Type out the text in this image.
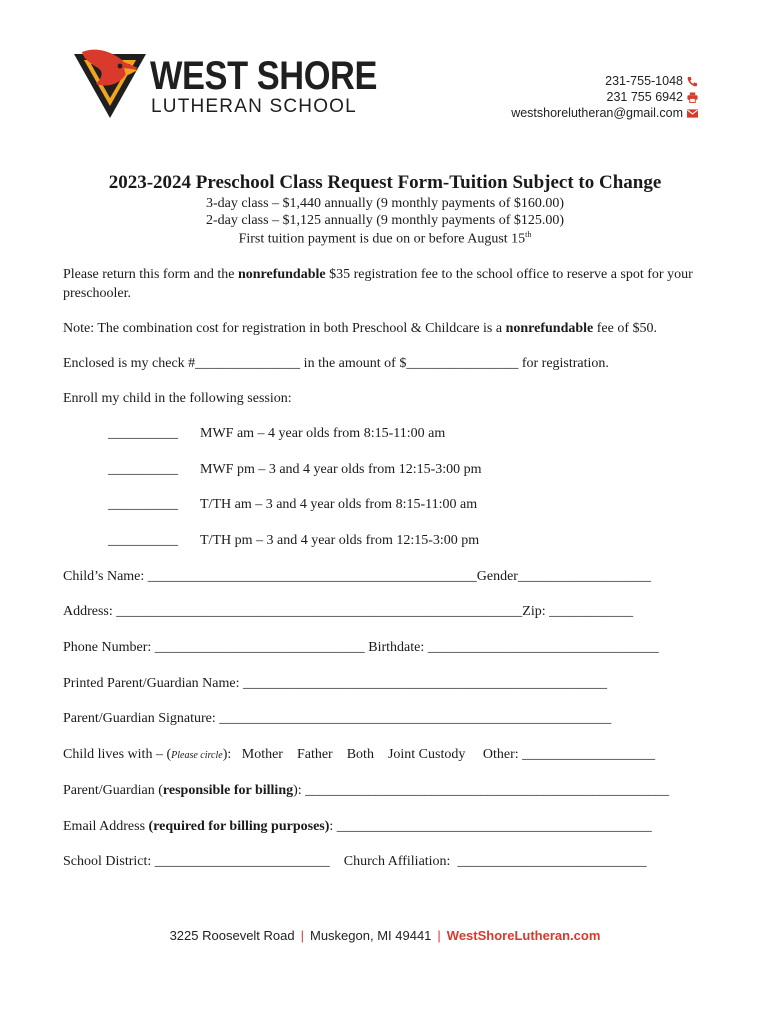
WEST SHORE
LUTHERAN SCHOOL
231-755-1048
231 755 6942
westshorelutheran@gmail.com
2023-2024 Preschool Class Request Form-Tuition Subject to Change
3-day class – $1,440 annually (9 monthly payments of $160.00)
2-day class – $1,125 annually (9 monthly payments of $125.00)
First tuition payment is due on or before August 15th
Please return this form and the nonrefundable $35 registration fee to the school office to reserve a spot for your preschooler.
Note: The combination cost for registration in both Preschool & Childcare is a nonrefundable fee of $50.
Enclosed is my check #_______________ in the amount of $________________ for registration.
Enroll my child in the following session:
__________ MWF am – 4 year olds from 8:15-11:00 am
__________ MWF pm – 3 and 4 year olds from 12:15-3:00 pm
__________ T/TH am – 3 and 4 year olds from 8:15-11:00 am
__________ T/TH pm – 3 and 4 year olds from 12:15-3:00 pm
Child’s Name: _______________________________________________Gender___________________
Address: __________________________________________________________Zip: ____________
Phone Number: ______________________________ Birthdate: _________________________________
Printed Parent/Guardian Name: ____________________________________________________
Parent/Guardian Signature: ________________________________________________________
Child lives with – (Please circle):   Mother    Father    Both    Joint Custody     Other: ___________________
Parent/Guardian (responsible for billing): ____________________________________________________
Email Address (required for billing purposes): _____________________________________________
School District: _________________________    Church Affiliation:  ___________________________
3225 Roosevelt Road | Muskegon, MI 49441 | WestShoreLutheran.com
